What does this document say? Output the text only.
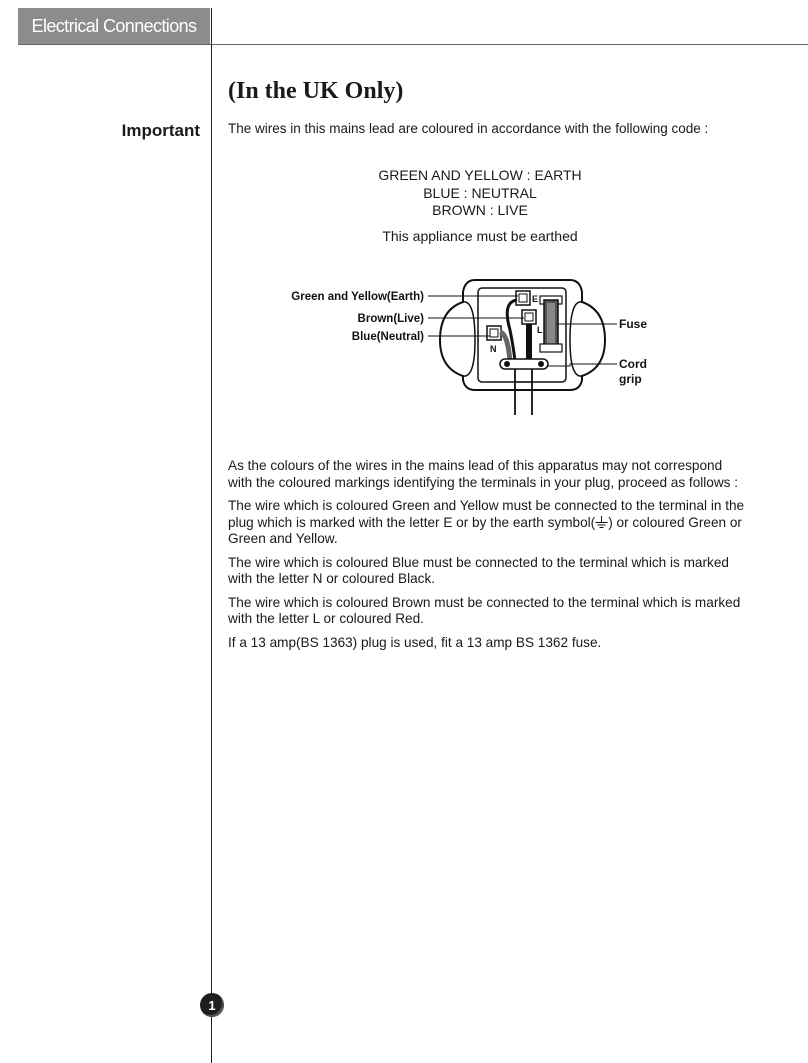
Electrical Connections
(In the UK Only)
Important The wires in this mains lead are coloured in accordance with the following code :

GREEN AND YELLOW : EARTH
BLUE : NEUTRAL
BROWN : LIVE
This appliance must be earthed
E
L
N
Green and Yellow(Earth)
Brown(Live)
Blue(Neutral)
Fuse
Cord
grip

As the colours of the wires in the mains lead of this apparatus may not correspond with the coloured markings identifying the terminals in your plug, proceed as follows :

The wire which is coloured Green and Yellow must be connected to the terminal in the plug which is marked with the letter E or by the earth symbol( ) or coloured Green or Green and Yellow.

The wire which is coloured Blue must be connected to the terminal which is marked with the letter N or coloured Black.

The wire which is coloured Brown must be connected to the terminal which is marked with the letter L or coloured Red.

If a 13 amp(BS 1363) plug is used, fit a 13 amp BS 1362 fuse.

1
